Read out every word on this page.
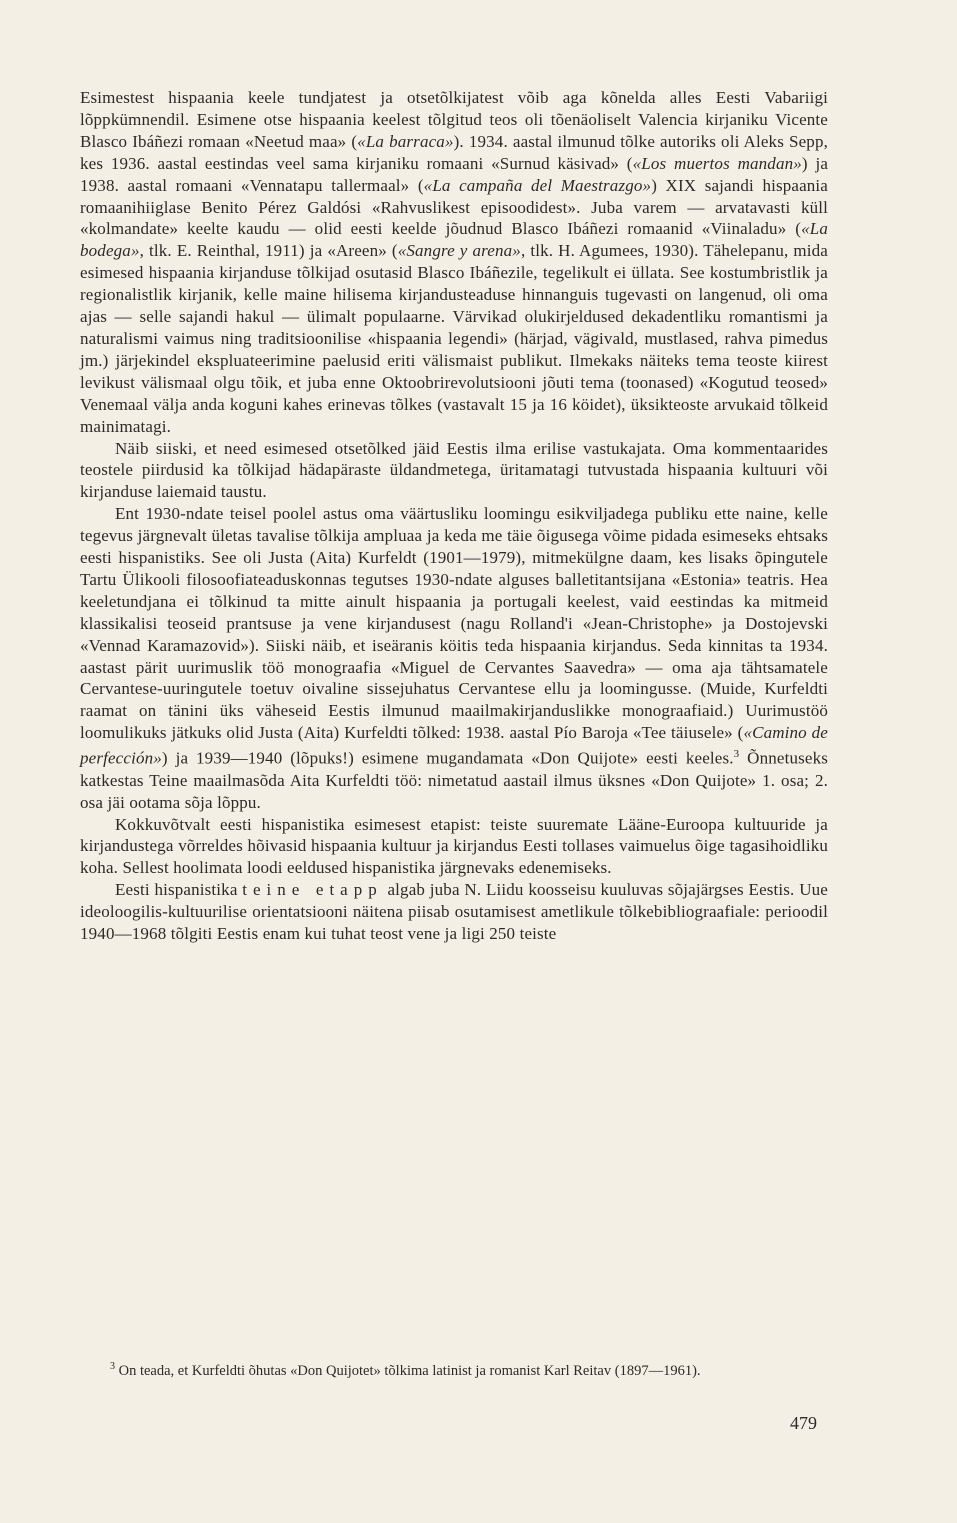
Esimestest hispaania keele tundjatest ja otsetõlkijatest võib aga kõnelda alles Eesti Vabariigi lõppkümnendil. Esimene otse hispaania keelest tõlgitud teos oli tõenäoliselt Valencia kirjaniku Vicente Blasco Ibáñezi romaan «Neetud maa» («La barraca»). 1934. aastal ilmunud tõlke autoriks oli Aleks Sepp, kes 1936. aastal eestindas veel sama kirjaniku romaani «Surnud käsivad» («Los muertos mandan») ja 1938. aastal romaani «Vennatapu tallermaal» («La campaña del Maestrazgo») XIX sajandi hispaania romaanihiiglase Benito Pérez Galdósi «Rahvuslikest episoodidest». Juba varem — arvatavasti küll «kolmandate» keelte kaudu — olid eesti keelde jõudnud Blasco Ibáñezi romaanid «Viinaladu» («La bodega», tlk. E. Reinthal, 1911) ja «Areen» («Sangre y arena», tlk. H. Agumees, 1930). Tähelepanu, mida esimesed hispaania kirjanduse tõlkijad osutasid Blasco Ibáñezile, tegelikult ei üllata. See kostumbristlik ja regionalistlik kirjanik, kelle maine hilisema kirjandusteaduse hinnanguis tugevasti on langenud, oli oma ajas — selle sajandi hakul — ülimalt populaarne. Värvikad olukirjeldused dekadentliku romantismi ja naturalismi vaimus ning traditsioonilise «hispaania legendi» (härjad, vägivald, mustlased, rahva pimedus jm.) järjekindel ekspluateerimine paelusid eriti välismaist publikut. Ilmekaks näiteks tema teoste kiirest levikust välismaal olgu tõik, et juba enne Oktoobrirevolutsiooni jõuti tema (toonased) «Kogutud teosed» Venemaal välja anda koguni kahes erinevas tõlkes (vastavalt 15 ja 16 köidet), üksikteoste arvukaid tõlkeid mainimatagi.

Näib siiski, et need esimesed otsetõlked jäid Eestis ilma erilise vastukajata. Oma kommentaarides teostele piirdusid ka tõlkijad hädapäraste üldandmetega, üritamatagi tutvustada hispaania kultuuri või kirjanduse laiemaid taustu.

Ent 1930-ndate teisel poolel astus oma väärtusliku loomingu esikviljadega publiku ette naine, kelle tegevus järgnevalt ületas tavalise tõlkija ampluaa ja keda me täie õigusega võime pidada esimeseks ehtsaks eesti hispanistiks. See oli Justa (Aita) Kurfeldt (1901—1979), mitmekülgne daam, kes lisaks õpingutele Tartu Ülikooli filosoofiateaduskonnas tegutses 1930-ndate alguses balletitantsijana «Estonia» teatris. Hea keeletundjana ei tõlkinud ta mitte ainult hispaania ja portugali keelest, vaid eestindas ka mitmeid klassikalisi teoseid prantsuse ja vene kirjandusest (nagu Rolland'i «Jean-Christophe» ja Dostojevski «Vennad Karamazovid»). Siiski näib, et iseäranis köitis teda hispaania kirjandus. Seda kinnitas ta 1934. aastast pärit uurimuslik töö monograafia «Miguel de Cervantes Saavedra» — oma aja tähtsamatele Cervantese-uuringutele toetuv oivaline sissejuhatus Cervantese ellu ja loomingusse. (Muide, Kurfeldti raamat on tänini üks väheseid Eestis ilmunud maailmakirjanduslikke monograafiaid.) Uurimustöö loomulikuks jätkuks olid Justa (Aita) Kurfeldti tõlked: 1938. aastal Pío Baroja «Tee täiusele» («Camino de perfección») ja 1939—1940 (lõpuks!) esimene mugandamata «Don Quijote» eesti keeles.$^3$ Õnnetuseks katkestas Teine maailmasõda Aita Kurfeldti töö: nimetatud aastail ilmus üksnes «Don Quijote» 1. osa; 2. osa jäi ootama sõja lõppu.

Kokkuvõtvalt eesti hispanistika esimesest etapist: teiste suuremate Lääne-Euroopa kultuuride ja kirjandustega võrreldes hõivasid hispaania kultuur ja kirjandus Eesti tollases vaimuelus õige tagasihoidliku koha. Sellest hoolimata loodi eeldused hispanistika järgnevaks edenemiseks.

Eesti hispanistika teine etapp algab juba N. Liidu koosseisu kuuluvas sõjajärgses Eestis. Uue ideoloogilis-kultuurilise orientatsiooni näitena piisab osutamisest ametlikule tõlkebibliograafiale: perioodil 1940—1968 tõlgiti Eestis enam kui tuhat teost vene ja ligi 250 teiste

$^3$ On teada, et Kurfeldti õhutas «Don Quijotet» tõlkima latinist ja romanist Karl Reitav (1897—1961).
479
